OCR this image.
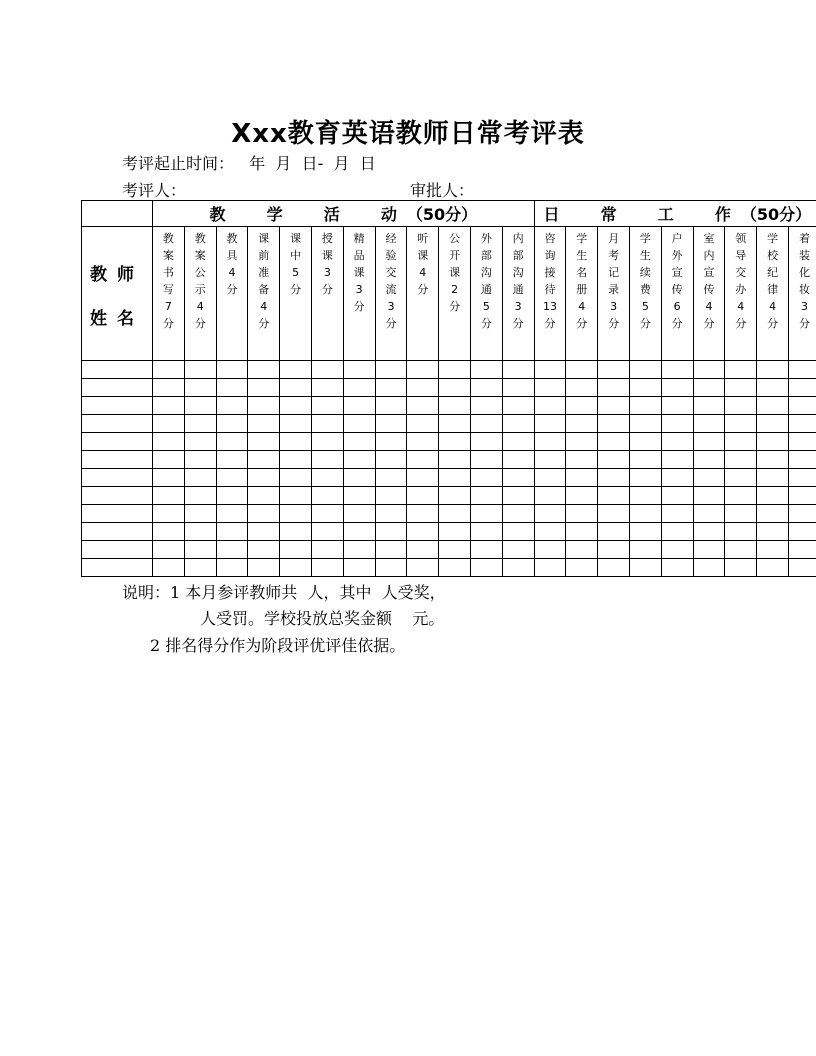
Xxx教育英语教师日常考评表
考评起止时间：   年  月  日-  月  日
考评人：	审批人：
	教  学  活  动（50分）												日  常  工  作（50分）								

教师
姓名	教案书写7分	教案公示4分	教 具4分	课前准备4分	课 中5分	授 课3分	精品课 3分	经验交流3分	听 课4分	公开课 2分	外部沟通5分	内部沟通3分	咨询接待13分	学生名册4分	月考记录3分	学生续费5分	户外宣传6分	室内宣传4分	领导交办4分	学校纪律4分	着装化妆3分

说明：1 本月参评教师共  人，其中  人受奖，
人受罚。学校投放总奖金额    元。
2 排名得分作为阶段评优评佳依据。
